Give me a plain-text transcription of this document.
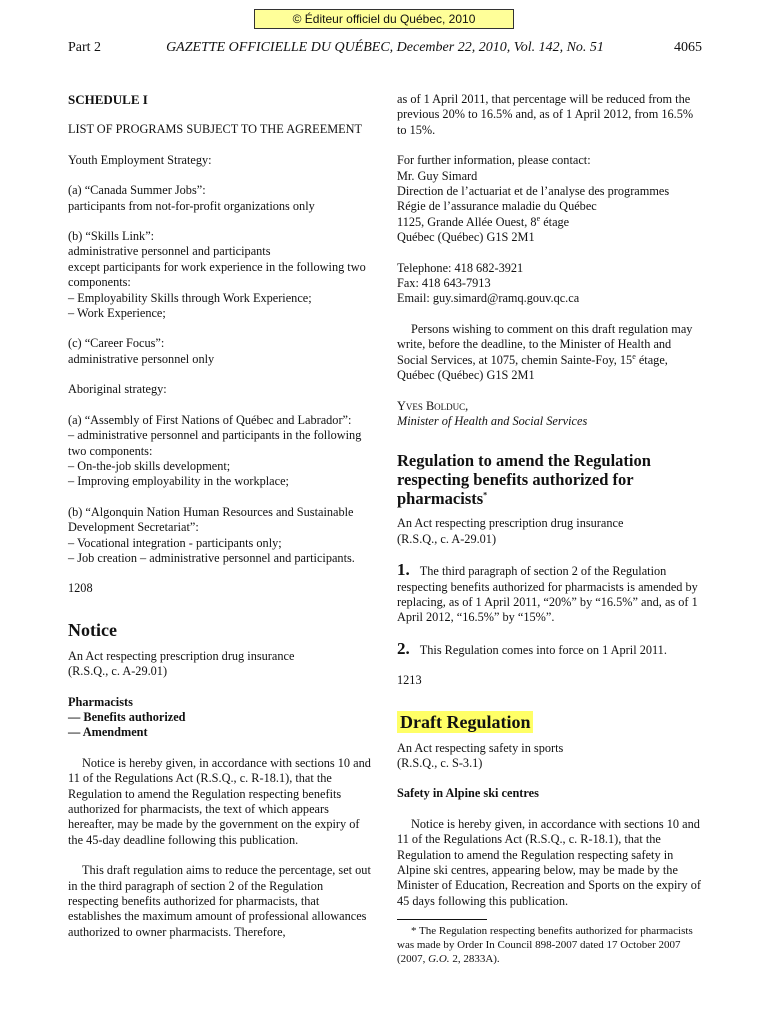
© Éditeur officiel du Québec, 2010
Part 2	GAZETTE OFFICIELLE DU QUÉBEC, December 22, 2010, Vol. 142, No. 51	4065

SCHEDULE I

LIST OF PROGRAMS SUBJECT TO THE AGREEMENT

Youth Employment Strategy:

(a) “Canada Summer Jobs”:

participants from not-for-profit organizations only

(b) “Skills Link”:

administrative personnel and participants

except participants for work experience in the following two components:

– Employability Skills through Work Experience;

– Work Experience;

(c) “Career Focus”:

administrative personnel only

Aboriginal strategy:

(a) “Assembly of First Nations of Québec and Labrador”:

– administrative personnel and participants in the following two components:

– On-the-job skills development;

– Improving employability in the workplace;

(b) “Algonquin Nation Human Resources and Sustainable Development Secretariat”:

– Vocational integration - participants only;

– Job creation – administrative personnel and participants.

1208

Notice

An Act respecting prescription drug insurance

(R.S.Q., c. A-29.01)

Pharmacists

— Benefits authorized

— Amendment

Notice is hereby given, in accordance with sections 10 and 11 of the Regulations Act (R.S.Q., c. R-18.1), that the Regulation to amend the Regulation respecting benefits authorized for pharmacists, the text of which appears hereafter, may be made by the government on the expiry of the 45-day deadline following this publication.

This draft regulation aims to reduce the percentage, set out in the third paragraph of section 2 of the Regulation respecting benefits authorized for pharmacists, that establishes the maximum amount of professional allowances authorized to owner pharmacists. Therefore,

as of 1 April 2011, that percentage will be reduced from the previous 20% to 16.5% and, as of 1 April 2012, from 16.5% to 15%.

For further information, please contact:

Mr. Guy Simard

Direction de l’actuariat et de l’analyse des programmes

Régie de l’assurance maladie du Québec

1125, Grande Allée Ouest, 8e étage

Québec (Québec) G1S 2M1

Telephone: 418 682-3921

Fax: 418 643-7913

Email: guy.simard@ramq.gouv.qc.ca

Persons wishing to comment on this draft regulation may write, before the deadline, to the Minister of Health and Social Services, at 1075, chemin Sainte-Foy, 15e étage, Québec (Québec) G1S 2M1

Yves Bolduc,

Minister of Health and Social Services

Regulation to amend the Regulation respecting benefits authorized for pharmacists*

An Act respecting prescription drug insurance

(R.S.Q., c. A-29.01)

1. The third paragraph of section 2 of the Regulation respecting benefits authorized for pharmacists is amended by replacing, as of 1 April 2011, “20%” by “16.5%” and, as of 1 April 2012, “16.5%” by “15%”.

2. This Regulation comes into force on 1 April 2011.

1213

Draft Regulation

An Act respecting safety in sports

(R.S.Q., c. S-3.1)

Safety in Alpine ski centres

Notice is hereby given, in accordance with sections 10 and 11 of the Regulations Act (R.S.Q., c. R-18.1), that the Regulation to amend the Regulation respecting safety in Alpine ski centres, appearing below, may be made by the Minister of Education, Recreation and Sports on the expiry of 45 days following this publication.

* The Regulation respecting benefits authorized for pharmacists was made by Order In Council 898-2007 dated 17 October 2007 (2007, G.O. 2, 2833A).
